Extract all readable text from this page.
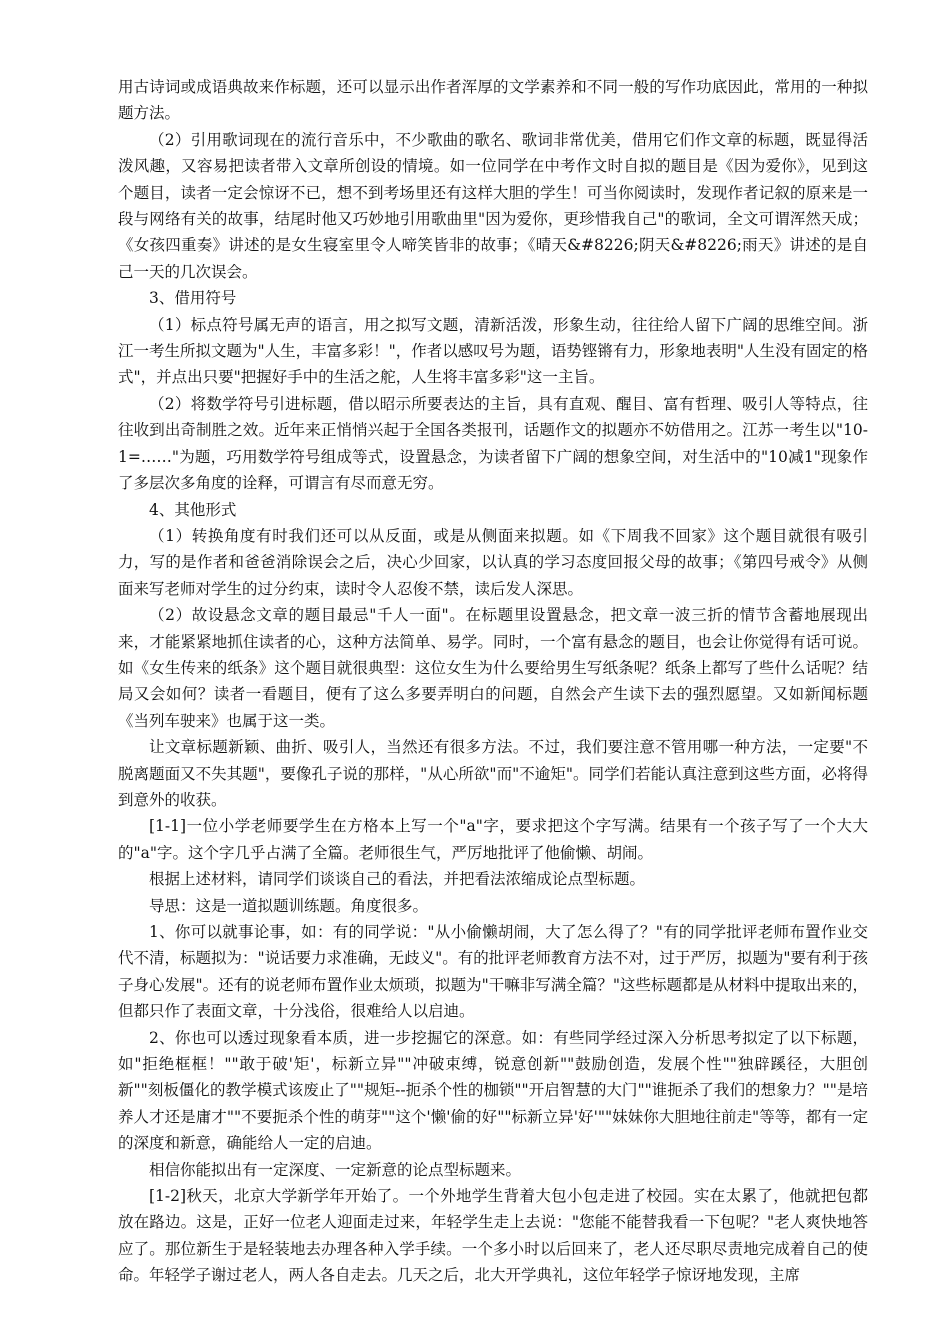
用古诗词或成语典故来作标题，还可以显示出作者浑厚的文学素养和不同一般的写作功底因此，常用的一种拟题方法。

（2）引用歌词现在的流行音乐中，不少歌曲的歌名、歌词非常优美，借用它们作文章的标题，既显得活泼风趣，又容易把读者带入文章所创设的情境。如一位同学在中考作文时自拟的题目是《因为爱你》，见到这个题目，读者一定会惊讶不已，想不到考场里还有这样大胆的学生！可当你阅读时，发现作者记叙的原来是一段与网络有关的故事，结尾时他又巧妙地引用歌曲里"因为爱你，更珍惜我自己"的歌词，全文可谓浑然天成；《女孩四重奏》讲述的是女生寝室里令人啼笑皆非的故事；《晴天&#8226;阴天&#8226;雨天》讲述的是自己一天的几次误会。

3、借用符号

（1）标点符号属无声的语言，用之拟写文题，清新活泼，形象生动，往往给人留下广阔的思维空间。浙江一考生所拟文题为"人生，丰富多彩！"，作者以感叹号为题，语势铿锵有力，形象地表明"人生没有固定的格式"，并点出只要"把握好手中的生活之舵，人生将丰富多彩"这一主旨。

（2）将数学符号引进标题，借以昭示所要表达的主旨，具有直观、醒目、富有哲理、吸引人等特点，往往收到出奇制胜之效。近年来正悄悄兴起于全国各类报刊，话题作文的拟题亦不妨借用之。江苏一考生以"10-1=……"为题，巧用数学符号组成等式，设置悬念，为读者留下广阔的想象空间，对生活中的"10减1"现象作了多层次多角度的诠释，可谓言有尽而意无穷。

4、其他形式

（1）转换角度有时我们还可以从反面，或是从侧面来拟题。如《下周我不回家》这个题目就很有吸引力，写的是作者和爸爸消除误会之后，决心少回家，以认真的学习态度回报父母的故事；《第四号戒令》从侧面来写老师对学生的过分约束，读时令人忍俊不禁，读后发人深思。

（2）故设悬念文章的题目最忌"千人一面"。在标题里设置悬念，把文章一波三折的情节含蓄地展现出来，才能紧紧地抓住读者的心，这种方法简单、易学。同时，一个富有悬念的题目，也会让你觉得有话可说。如《女生传来的纸条》这个题目就很典型：这位女生为什么要给男生写纸条呢？纸条上都写了些什么话呢？结局又会如何？读者一看题目，便有了这么多要弄明白的问题，自然会产生读下去的强烈愿望。又如新闻标题《当列车驶来》也属于这一类。

让文章标题新颖、曲折、吸引人，当然还有很多方法。不过，我们要注意不管用哪一种方法，一定要"不脱离题面又不失其题"，要像孔子说的那样，"从心所欲"而"不逾矩"。同学们若能认真注意到这些方面，必将得到意外的收获。

[1-1]一位小学老师要学生在方格本上写一个"a"字，要求把这个字写满。结果有一个孩子写了一个大大的"a"字。这个字几乎占满了全篇。老师很生气，严厉地批评了他偷懒、胡闹。

根据上述材料，请同学们谈谈自己的看法，并把看法浓缩成论点型标题。

导思：这是一道拟题训练题。角度很多。

1、你可以就事论事，如：有的同学说："从小偷懒胡闹，大了怎么得了？"有的同学批评老师布置作业交代不清，标题拟为："说话要力求准确，无歧义"。有的批评老师教育方法不对，过于严厉，拟题为"要有利于孩子身心发展"。还有的说老师布置作业太烦琐，拟题为"干嘛非写满全篇？"这些标题都是从材料中提取出来的，但都只作了表面文章，十分浅俗，很难给人以启迪。

2、你也可以透过现象看本质，进一步挖掘它的深意。如：有些同学经过深入分析思考拟定了以下标题，如"拒绝框框！""敢于破'矩'，标新立异""冲破束缚，锐意创新""鼓励创造，发展个性""独辟蹊径，大胆创新""刻板僵化的教学模式该废止了""规矩--扼杀个性的枷锁""开启智慧的大门""谁扼杀了我们的想象力？""是培养人才还是庸才""不要扼杀个性的萌芽""这个'懒'偷的好""标新立异'好'""妹妹你大胆地往前走"等等，都有一定的深度和新意，确能给人一定的启迪。

相信你能拟出有一定深度、一定新意的论点型标题来。

[1-2]秋天，北京大学新学年开始了。一个外地学生背着大包小包走进了校园。实在太累了，他就把包都放在路边。这是，正好一位老人迎面走过来，年轻学生走上去说："您能不能替我看一下包呢？"老人爽快地答应了。那位新生于是轻装地去办理各种入学手续。一个多小时以后回来了，老人还尽职尽责地完成着自己的使命。年轻学子谢过老人，两人各自走去。几天之后，北大开学典礼，这位年轻学子惊讶地发现，主席
